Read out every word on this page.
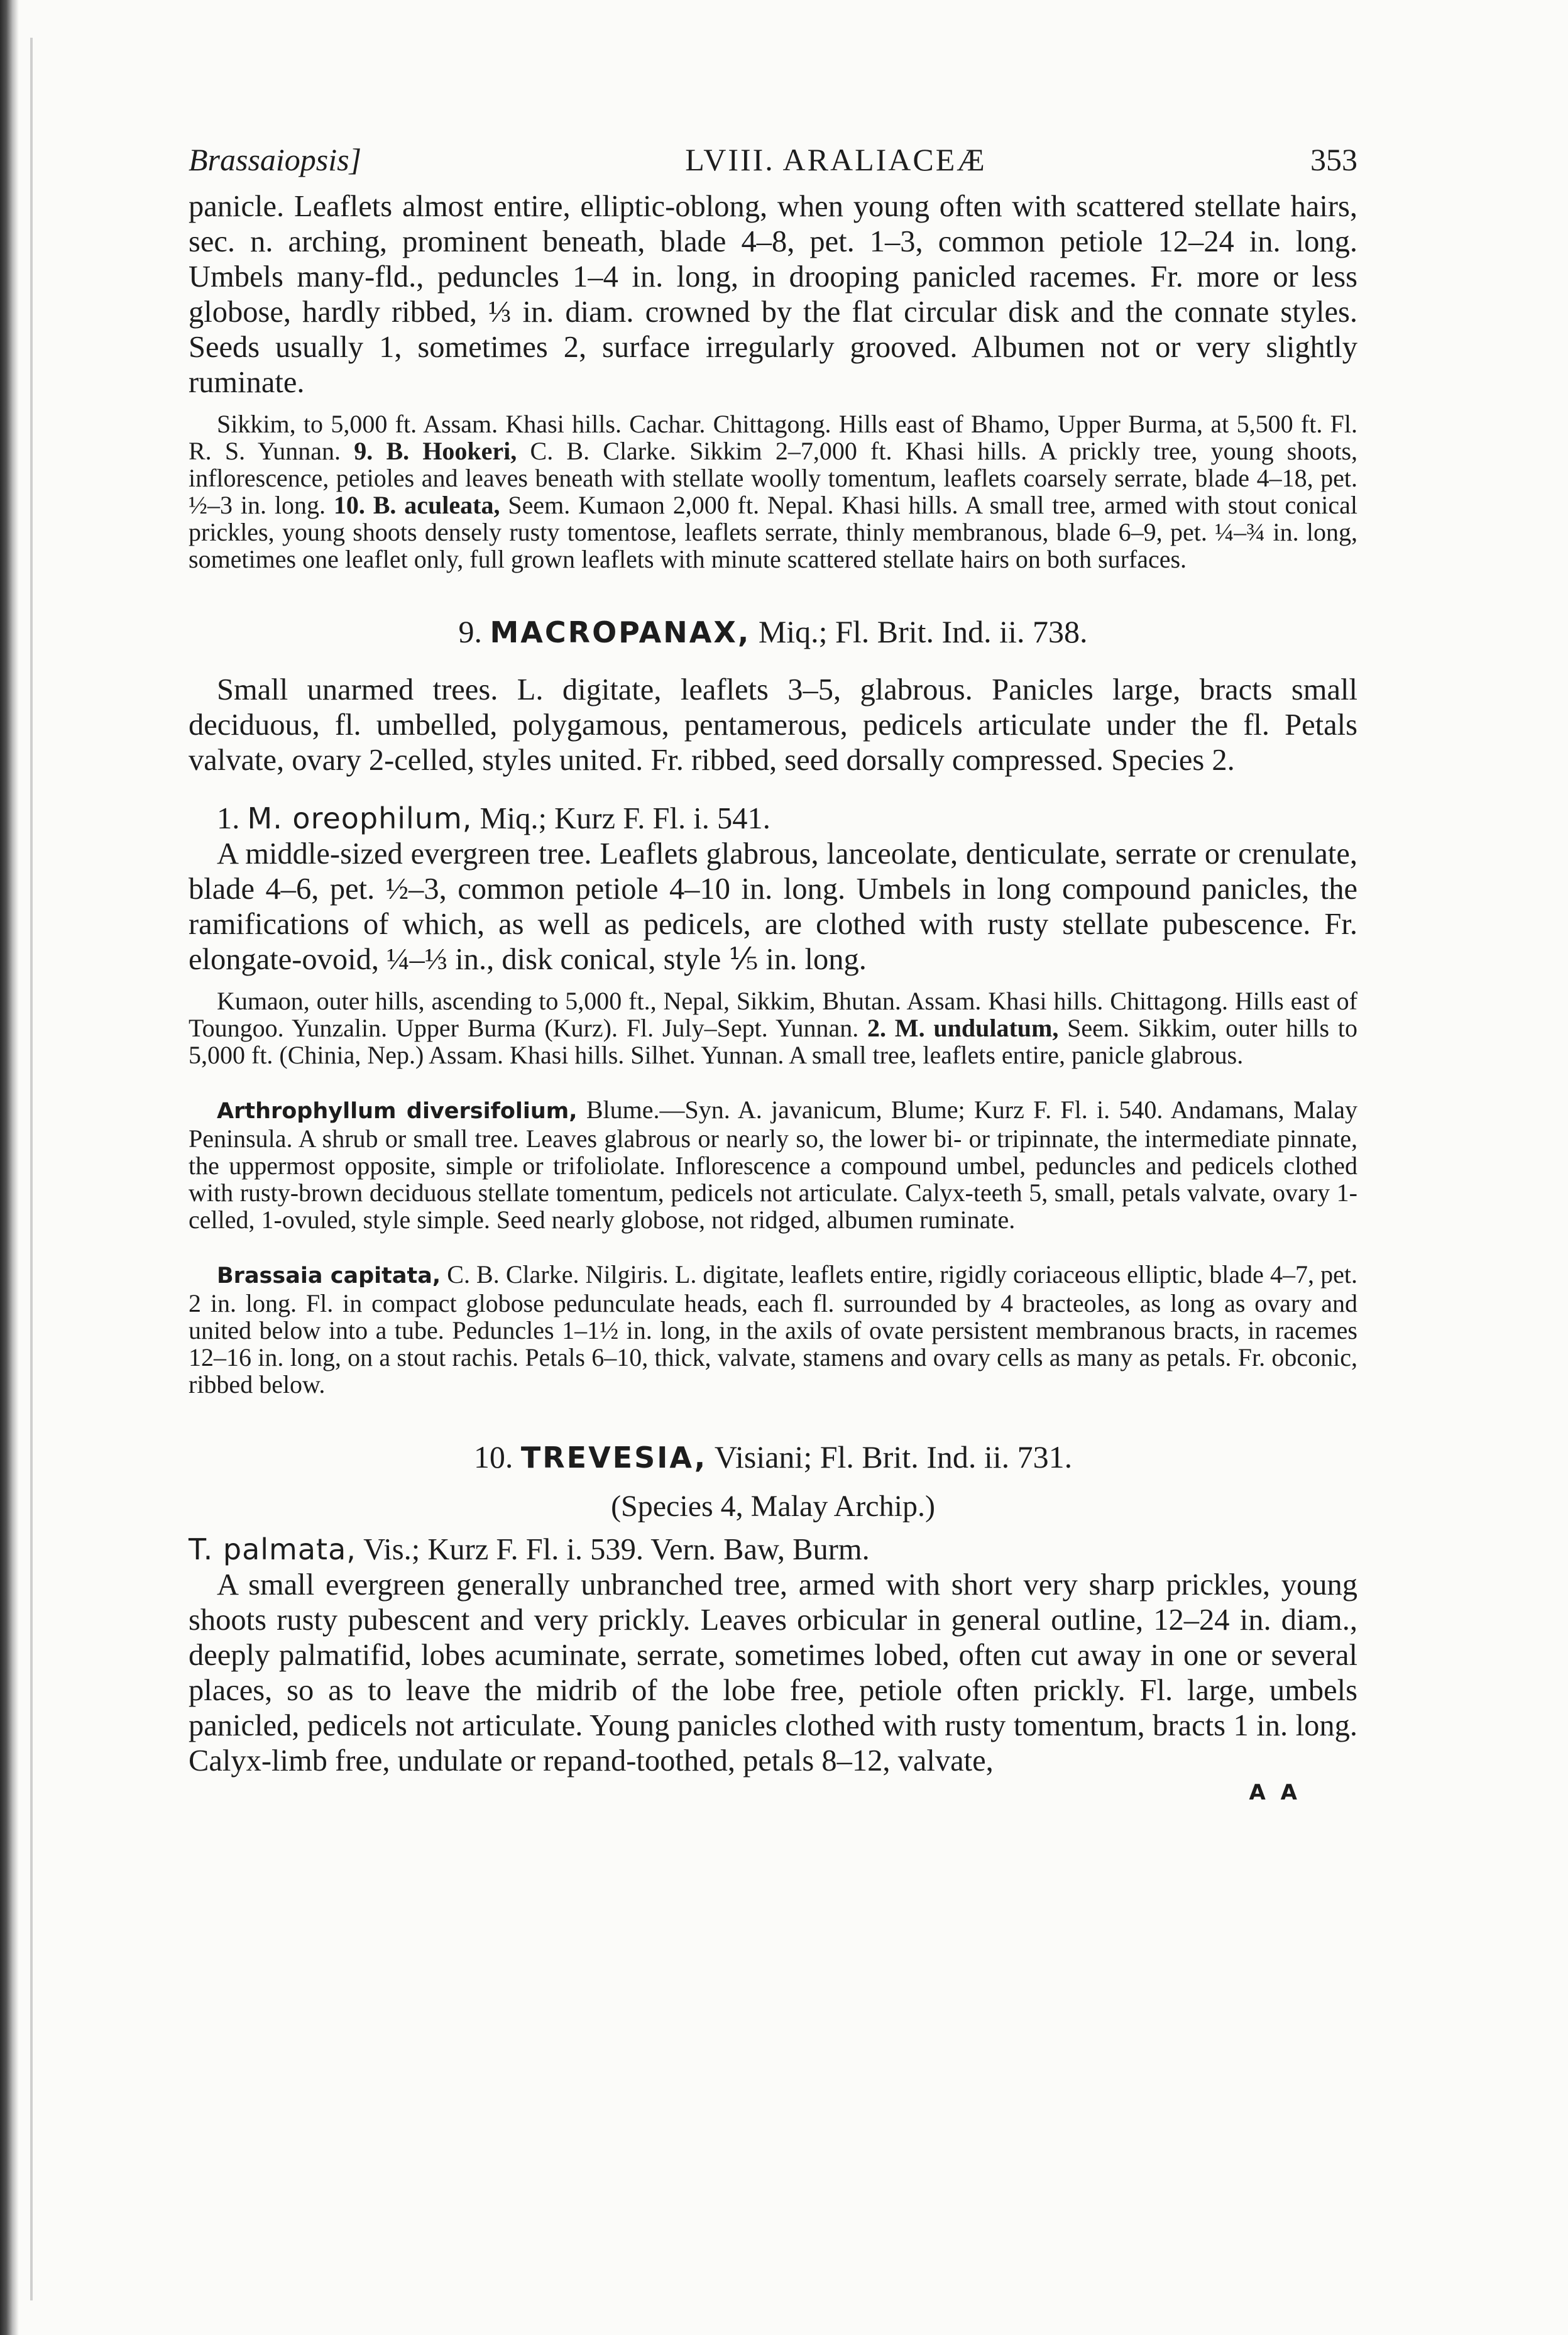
Brassaiopsis]	LVIII. ARALIACEÆ	353

panicle. Leaflets almost entire, elliptic-oblong, when young often with scattered stellate hairs, sec. n. arching, prominent beneath, blade 4–8, pet. 1–3, common petiole 12–24 in. long. Umbels many-fld., peduncles 1–4 in. long, in drooping panicled racemes. Fr. more or less globose, hardly ribbed, ⅓ in. diam. crowned by the flat circular disk and the connate styles. Seeds usually 1, sometimes 2, surface irregularly grooved. Albumen not or very slightly ruminate.

Sikkim, to 5,000 ft. Assam. Khasi hills. Cachar. Chittagong. Hills east of Bhamo, Upper Burma, at 5,500 ft. Fl. R. S. Yunnan. 9. B. Hookeri, C. B. Clarke. Sikkim 2–7,000 ft. Khasi hills. A prickly tree, young shoots, inflorescence, petioles and leaves beneath with stellate woolly tomentum, leaflets coarsely serrate, blade 4–18, pet. ½–3 in. long. 10. B. aculeata, Seem. Kumaon 2,000 ft. Nepal. Khasi hills. A small tree, armed with stout conical prickles, young shoots densely rusty tomentose, leaflets serrate, thinly membranous, blade 6–9, pet. ¼–¾ in. long, sometimes one leaflet only, full grown leaflets with minute scattered stellate hairs on both surfaces.

9. MACROPANAX, Miq.; Fl. Brit. Ind. ii. 738.

Small unarmed trees. L. digitate, leaflets 3–5, glabrous. Panicles large, bracts small deciduous, fl. umbelled, polygamous, pentamerous, pedicels articulate under the fl. Petals valvate, ovary 2-celled, styles united. Fr. ribbed, seed dorsally compressed. Species 2.

1. M. oreophilum, Miq.; Kurz F. Fl. i. 541.

A middle-sized evergreen tree. Leaflets glabrous, lanceolate, denticulate, serrate or crenulate, blade 4–6, pet. ½–3, common petiole 4–10 in. long. Umbels in long compound panicles, the ramifications of which, as well as pedicels, are clothed with rusty stellate pubescence. Fr. elongate-ovoid, ¼–⅓ in., disk conical, style ⅕ in. long.

Kumaon, outer hills, ascending to 5,000 ft., Nepal, Sikkim, Bhutan. Assam. Khasi hills. Chittagong. Hills east of Toungoo. Yunzalin. Upper Burma (Kurz). Fl. July–Sept. Yunnan. 2. M. undulatum, Seem. Sikkim, outer hills to 5,000 ft. (Chinia, Nep.) Assam. Khasi hills. Silhet. Yunnan. A small tree, leaflets entire, panicle glabrous.

Arthrophyllum diversifolium, Blume.—Syn. A. javanicum, Blume; Kurz F. Fl. i. 540. Andamans, Malay Peninsula. A shrub or small tree. Leaves glabrous or nearly so, the lower bi- or tripinnate, the intermediate pinnate, the uppermost opposite, simple or trifoliolate. Inflorescence a compound umbel, peduncles and pedicels clothed with rusty-brown deciduous stellate tomentum, pedicels not articulate. Calyx-teeth 5, small, petals valvate, ovary 1-celled, 1-ovuled, style simple. Seed nearly globose, not ridged, albumen ruminate.

Brassaia capitata, C. B. Clarke. Nilgiris. L. digitate, leaflets entire, rigidly coriaceous elliptic, blade 4–7, pet. 2 in. long. Fl. in compact globose pedunculate heads, each fl. surrounded by 4 bracteoles, as long as ovary and united below into a tube. Peduncles 1–1½ in. long, in the axils of ovate persistent membranous bracts, in racemes 12–16 in. long, on a stout rachis. Petals 6–10, thick, valvate, stamens and ovary cells as many as petals. Fr. obconic, ribbed below.

10. TREVESIA, Visiani; Fl. Brit. Ind. ii. 731.
(Species 4, Malay Archip.)

T. palmata, Vis.; Kurz F. Fl. i. 539. Vern. Baw, Burm.

A small evergreen generally unbranched tree, armed with short very sharp prickles, young shoots rusty pubescent and very prickly. Leaves orbicular in general outline, 12–24 in. diam., deeply palmatifid, lobes acuminate, serrate, sometimes lobed, often cut away in one or several places, so as to leave the midrib of the lobe free, petiole often prickly. Fl. large, umbels panicled, pedicels not articulate. Young panicles clothed with rusty tomentum, bracts 1 in. long. Calyx-limb free, undulate or repand-toothed, petals 8–12, valvate,

A A
